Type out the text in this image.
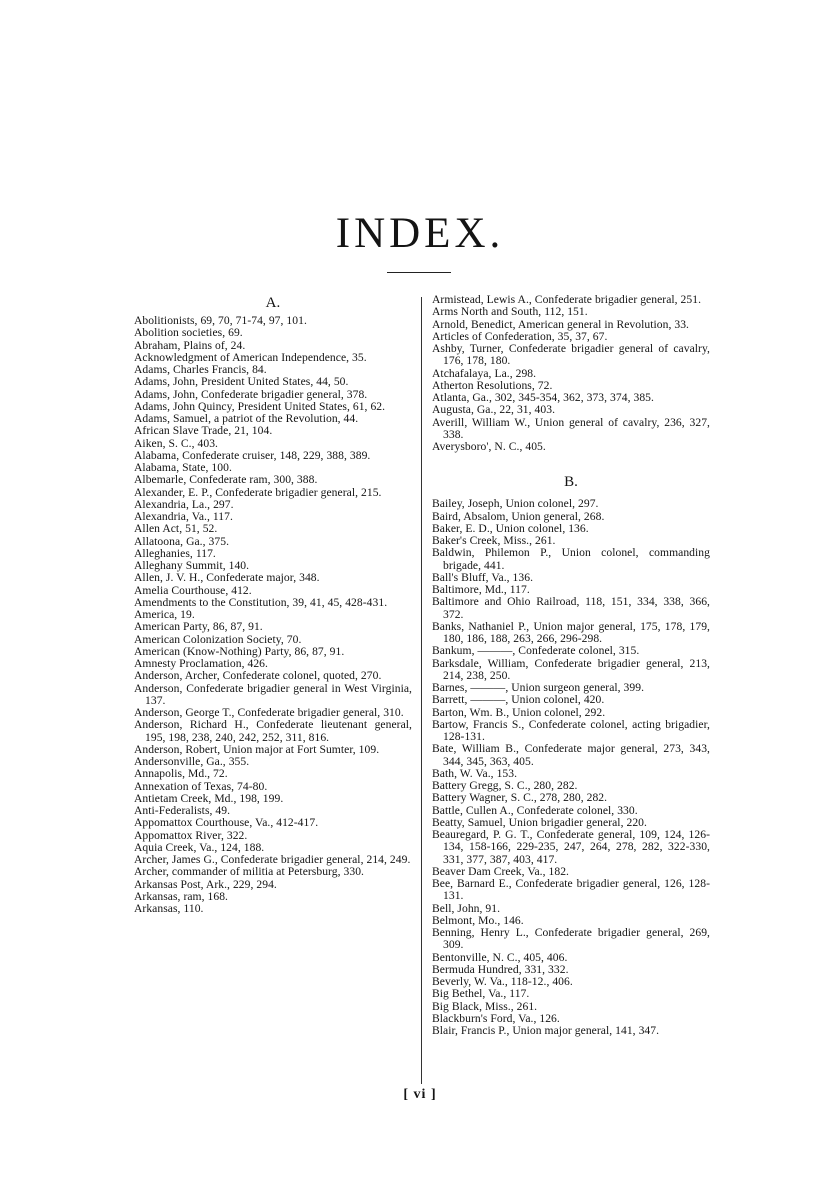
INDEX.
A.

Abolitionists, 69, 70, 71-74, 97, 101.

Abolition societies, 69.

Abraham, Plains of, 24.

Acknowledgment of American Independence, 35.

Adams, Charles Francis, 84.

Adams, John, President United States, 44, 50.

Adams, John, Confederate brigadier general, 378.

Adams, John Quincy, President United States, 61, 62.

Adams, Samuel, a patriot of the Revolution, 44.

African Slave Trade, 21, 104.

Aiken, S. C., 403.

Alabama, Confederate cruiser, 148, 229, 388, 389.

Alabama, State, 100.

Albemarle, Confederate ram, 300, 388.

Alexander, E. P., Confederate brigadier general, 215.

Alexandria, La., 297.

Alexandria, Va., 117.

Allen Act, 51, 52.

Allatoona, Ga., 375.

Alleghanies, 117.

Alleghany Summit, 140.

Allen, J. V. H., Confederate major, 348.

Amelia Courthouse, 412.

Amendments to the Constitution, 39, 41, 45, 428-431.

America, 19.

American Party, 86, 87, 91.

American Colonization Society, 70.

American (Know-Nothing) Party, 86, 87, 91.

Amnesty Proclamation, 426.

Anderson, Archer, Confederate colonel, quoted, 270.

Anderson, Confederate brigadier general in West Virginia, 137.

Anderson, George T., Confederate brigadier general, 310.

Anderson, Richard H., Confederate lieutenant general, 195, 198, 238, 240, 242, 252, 311, 816.

Anderson, Robert, Union major at Fort Sumter, 109.

Andersonville, Ga., 355.

Annapolis, Md., 72.

Annexation of Texas, 74-80.

Antietam Creek, Md., 198, 199.

Anti-Federalists, 49.

Appomattox Courthouse, Va., 412-417.

Appomattox River, 322.

Aquia Creek, Va., 124, 188.

Archer, James G., Confederate brigadier general, 214, 249.

Archer, commander of militia at Petersburg, 330.

Arkansas Post, Ark., 229, 294.

Arkansas, ram, 168.

Arkansas, 110.

Armistead, Lewis A., Confederate brigadier general, 251.

Arms North and South, 112, 151.

Arnold, Benedict, American general in Revolution, 33.

Articles of Confederation, 35, 37, 67.

Ashby, Turner, Confederate brigadier general of cavalry, 176, 178, 180.

Atchafalaya, La., 298.

Atherton Resolutions, 72.

Atlanta, Ga., 302, 345-354, 362, 373, 374, 385.

Augusta, Ga., 22, 31, 403.

Averill, William W., Union general of cavalry, 236, 327, 338.

Averysboro', N. C., 405.

B.

Bailey, Joseph, Union colonel, 297.

Baird, Absalom, Union general, 268.

Baker, E. D., Union colonel, 136.

Baker's Creek, Miss., 261.

Baldwin, Philemon P., Union colonel, commanding brigade, 441.

Ball's Bluff, Va., 136.

Baltimore, Md., 117.

Baltimore and Ohio Railroad, 118, 151, 334, 338, 366, 372.

Banks, Nathaniel P., Union major general, 175, 178, 179, 180, 186, 188, 263, 266, 296-298.

Bankum, ———, Confederate colonel, 315.

Barksdale, William, Confederate brigadier general, 213, 214, 238, 250.

Barnes, ———, Union surgeon general, 399.

Barrett, ———, Union colonel, 420.

Barton, Wm. B., Union colonel, 292.

Bartow, Francis S., Confederate colonel, acting brigadier, 128-131.

Bate, William B., Confederate major general, 273, 343, 344, 345, 363, 405.

Bath, W. Va., 153.

Battery Gregg, S. C., 280, 282.

Battery Wagner, S. C., 278, 280, 282.

Battle, Cullen A., Confederate colonel, 330.

Beatty, Samuel, Union brigadier general, 220.

Beauregard, P. G. T., Confederate general, 109, 124, 126-134, 158-166, 229-235, 247, 264, 278, 282, 322-330, 331, 377, 387, 403, 417.

Beaver Dam Creek, Va., 182.

Bee, Barnard E., Confederate brigadier general, 126, 128-131.

Bell, John, 91.

Belmont, Mo., 146.

Benning, Henry L., Confederate brigadier general, 269, 309.

Bentonville, N. C., 405, 406.

Bermuda Hundred, 331, 332.

Beverly, W. Va., 118-12., 406.

Big Bethel, Va., 117.

Big Black, Miss., 261.

Blackburn's Ford, Va., 126.

Blair, Francis P., Union major general, 141, 347.

[ vi ]
